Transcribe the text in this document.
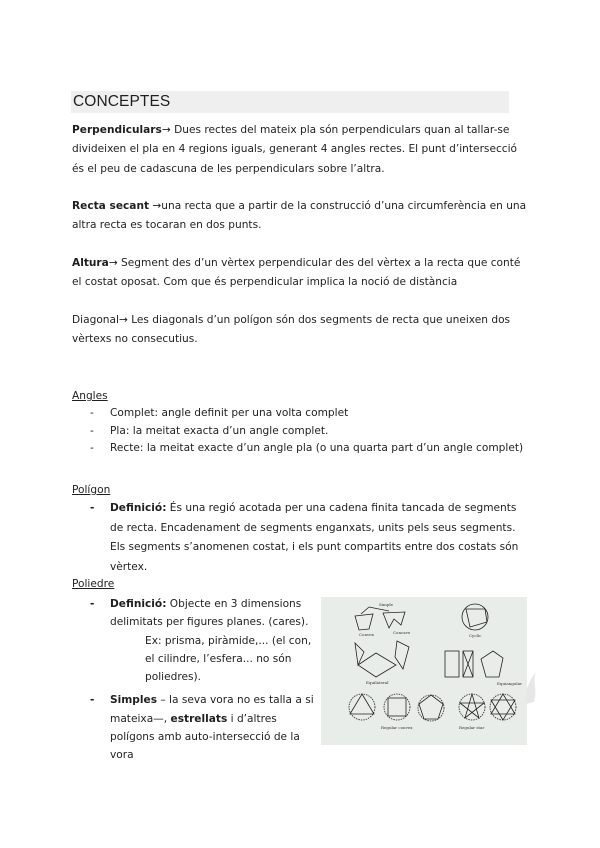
CONCEPTES
Perpendiculars→ Dues rectes del mateix pla són perpendiculars quan al tallar-se
divideixen el pla en 4 regions iguals, generant 4 angles rectes. El punt d’intersecció
és el peu de cadascuna de les perpendiculars sobre l’altra.
Recta secant →una recta que a partir de la construcció d’una circumferència en una
altra recta es tocaran en dos punts.
Altura→ Segment des d’un vèrtex perpendicular des del vèrtex a la recta que conté
el costat oposat. Com que és perpendicular implica la noció de distància
Diagonal→ Les diagonals d’un polígon són dos segments de recta que uneixen dos
vèrtexs no consecutius.
Angles
- Complet: angle definit per una volta complet
- Pla: la meitat exacta d’un angle complet.
- Recte: la meitat exacte d’un angle pla (o una quarta part d’un angle complet)
Polígon
- Definició: És una regió acotada per una cadena finita tancada de segments
de recta. Encadenament de segments enganxats, units pels seus segments.
Els segments s’anomenen costat, i els punt compartits entre dos costats són
vèrtex.
Poliedre
- Definició: Objecte en 3 dimensions
delimitats per figures planes. (cares).
Ex: prisma, piràmide,... (el con,
el cilindre, l’esfera... no són
poliedres).
- Simples – la seva vora no es talla a si
mateixa—, estrellats i d’altres
polígons amb auto-intersecció de la
vora
Simple
Convex	Concave
Cyclic
Equilateral	Equiangular
Regular convex	Regular star
